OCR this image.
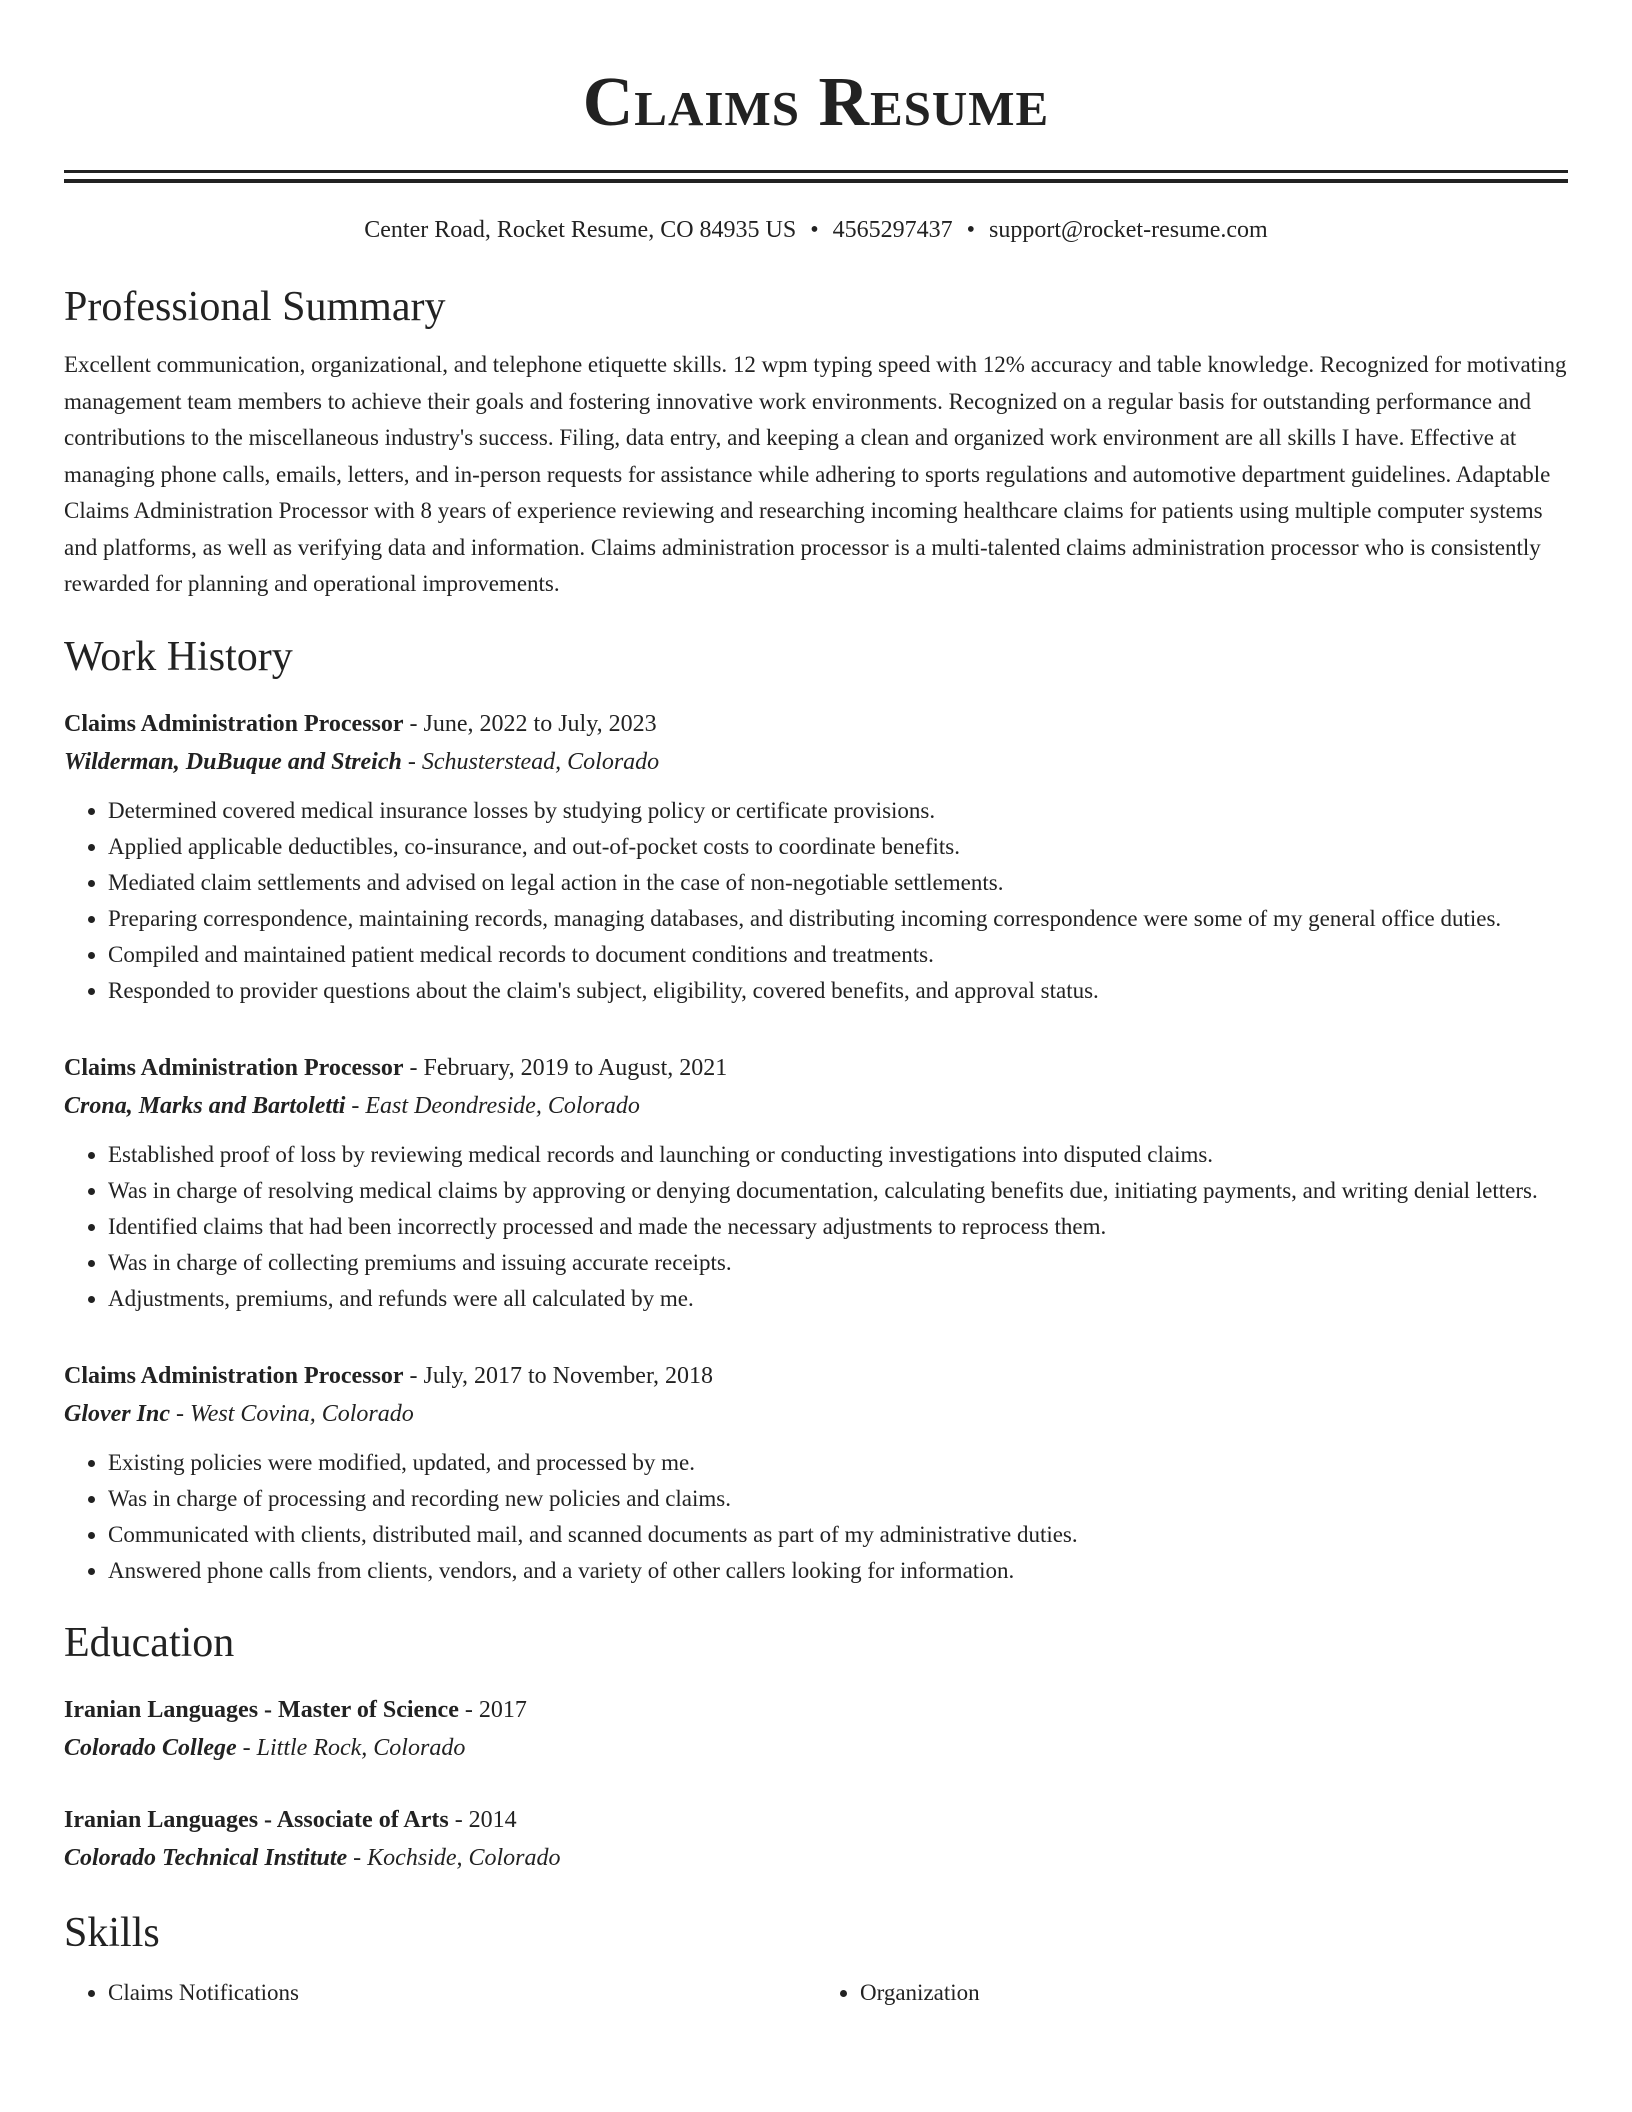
Claims Resume
Center Road, Rocket Resume, CO 84935 US • 4565297437 • support@rocket-resume.com
Professional Summary
Excellent communication, organizational, and telephone etiquette skills. 12 wpm typing speed with 12% accuracy and table knowledge. Recognized for motivating management team members to achieve their goals and fostering innovative work environments. Recognized on a regular basis for outstanding performance and contributions to the miscellaneous industry's success. Filing, data entry, and keeping a clean and organized work environment are all skills I have. Effective at managing phone calls, emails, letters, and in-person requests for assistance while adhering to sports regulations and automotive department guidelines. Adaptable Claims Administration Processor with 8 years of experience reviewing and researching incoming healthcare claims for patients using multiple computer systems and platforms, as well as verifying data and information. Claims administration processor is a multi-talented claims administration processor who is consistently rewarded for planning and operational improvements.
Work History
Claims Administration Processor - June, 2022 to July, 2023
Wilderman, DuBuque and Streich - Schusterstead, Colorado
• Determined covered medical insurance losses by studying policy or certificate provisions.
• Applied applicable deductibles, co-insurance, and out-of-pocket costs to coordinate benefits.
• Mediated claim settlements and advised on legal action in the case of non-negotiable settlements.
• Preparing correspondence, maintaining records, managing databases, and distributing incoming correspondence were some of my general office duties.
• Compiled and maintained patient medical records to document conditions and treatments.
• Responded to provider questions about the claim's subject, eligibility, covered benefits, and approval status.
Claims Administration Processor - February, 2019 to August, 2021
Crona, Marks and Bartoletti - East Deondreside, Colorado
• Established proof of loss by reviewing medical records and launching or conducting investigations into disputed claims.
• Was in charge of resolving medical claims by approving or denying documentation, calculating benefits due, initiating payments, and writing denial letters.
• Identified claims that had been incorrectly processed and made the necessary adjustments to reprocess them.
• Was in charge of collecting premiums and issuing accurate receipts.
• Adjustments, premiums, and refunds were all calculated by me.
Claims Administration Processor - July, 2017 to November, 2018
Glover Inc - West Covina, Colorado
• Existing policies were modified, updated, and processed by me.
• Was in charge of processing and recording new policies and claims.
• Communicated with clients, distributed mail, and scanned documents as part of my administrative duties.
• Answered phone calls from clients, vendors, and a variety of other callers looking for information.
Education
Iranian Languages - Master of Science - 2017
Colorado College - Little Rock, Colorado
Iranian Languages - Associate of Arts - 2014
Colorado Technical Institute - Kochside, Colorado
Skills
• Claims Notifications
•	Organization
